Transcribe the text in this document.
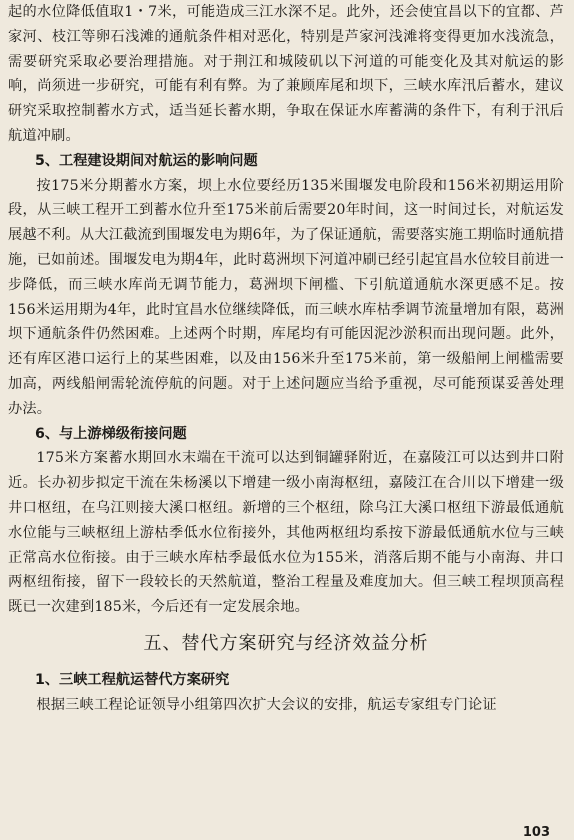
起的水位降低值取1・7米，可能造成三江水深不足。此外，还会使宜昌以下的宜都、芦家河、枝江等卵石浅滩的通航条件相对恶化，特别是芦家河浅滩将变得更加水浅流急，需要研究采取必要治理措施。对于荆江和城陵矶以下河道的可能变化及其对航运的影响，尚须进一步研究，可能有利有弊。为了兼顾库尾和坝下，三峡水库汛后蓄水，建议研究采取控制蓄水方式，适当延长蓄水期，争取在保证水库蓄满的条件下，有利于汛后航道冲刷。

5、工程建设期间对航运的影响问题

按175米分期蓄水方案，坝上水位要经历135米围堰发电阶段和156米初期运用阶段，从三峡工程开工到蓄水位升至175米前后需要20年时间，这一时间过长，对航运发展越不利。从大江截流到围堰发电为期6年，为了保证通航，需要落实施工期临时通航措施，已如前述。围堰发电为期4年，此时葛洲坝下河道冲刷已经引起宜昌水位较目前进一步降低，而三峡水库尚无调节能力，葛洲坝下闸槛、下引航道通航水深更感不足。按156米运用期为4年，此时宜昌水位继续降低，而三峡水库枯季调节流量增加有限，葛洲坝下通航条件仍然困难。上述两个时期，库尾均有可能因泥沙淤积而出现问题。此外，还有库区港口运行上的某些困难，以及由156米升至175米前，第一级船闸上闸槛需要加高，两线船闸需轮流停航的问题。对于上述问题应当给予重视，尽可能预谋妥善处理办法。

6、与上游梯级衔接问题

175米方案蓄水期回水末端在干流可以达到铜罐驿附近，在嘉陵江可以达到井口附近。长办初步拟定干流在朱杨溪以下增建一级小南海枢纽，嘉陵江在合川以下增建一级井口枢纽，在乌江则接大溪口枢纽。新增的三个枢纽，除乌江大溪口枢纽下游最低通航水位能与三峡枢纽上游枯季低水位衔接外，其他两枢纽均系按下游最低通航水位与三峡正常高水位衔接。由于三峡水库枯季最低水位为155米，消落后期不能与小南海、井口两枢纽衔接，留下一段较长的天然航道，整治工程量及难度加大。但三峡工程坝顶高程既已一次建到185米，今后还有一定发展余地。

五、替代方案研究与经济效益分析

1、三峡工程航运替代方案研究

根据三峡工程论证领导小组第四次扩大会议的安排，航运专家组专门论证

103
